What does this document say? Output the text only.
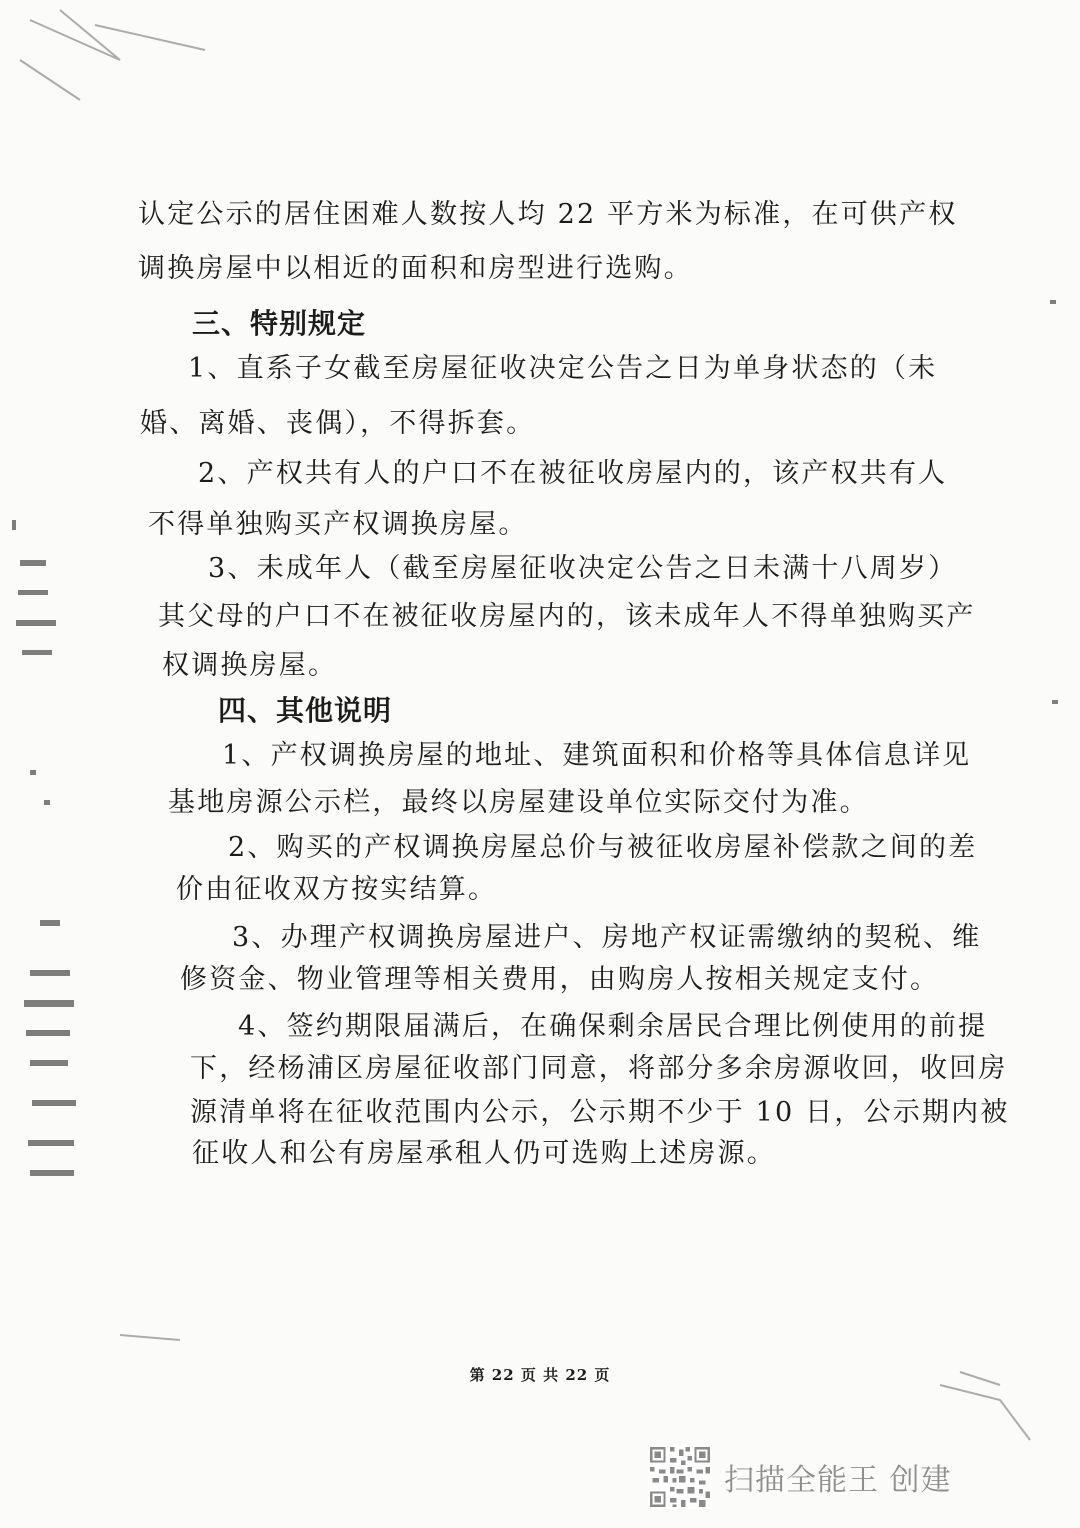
认定公示的居住困难人数按人均 22 平方米为标准，在可供产权
调换房屋中以相近的面积和房型进行选购。
三、特别规定
1、直系子女截至房屋征收决定公告之日为单身状态的（未
婚、离婚、丧偶），不得拆套。
2、产权共有人的户口不在被征收房屋内的，该产权共有人
不得单独购买产权调换房屋。
3、未成年人（截至房屋征收决定公告之日未满十八周岁）
其父母的户口不在被征收房屋内的，该未成年人不得单独购买产
权调换房屋。
四、其他说明
1、产权调换房屋的地址、建筑面积和价格等具体信息详见
基地房源公示栏，最终以房屋建设单位实际交付为准。
2、购买的产权调换房屋总价与被征收房屋补偿款之间的差
价由征收双方按实结算。
3、办理产权调换房屋进户、房地产权证需缴纳的契税、维
修资金、物业管理等相关费用，由购房人按相关规定支付。
4、签约期限届满后，在确保剩余居民合理比例使用的前提
下，经杨浦区房屋征收部门同意，将部分多余房源收回，收回房
源清单将在征收范围内公示，公示期不少于 10 日，公示期内被
征收人和公有房屋承租人仍可选购上述房源。
第 22 页 共 22 页
扫描全能王 创建
